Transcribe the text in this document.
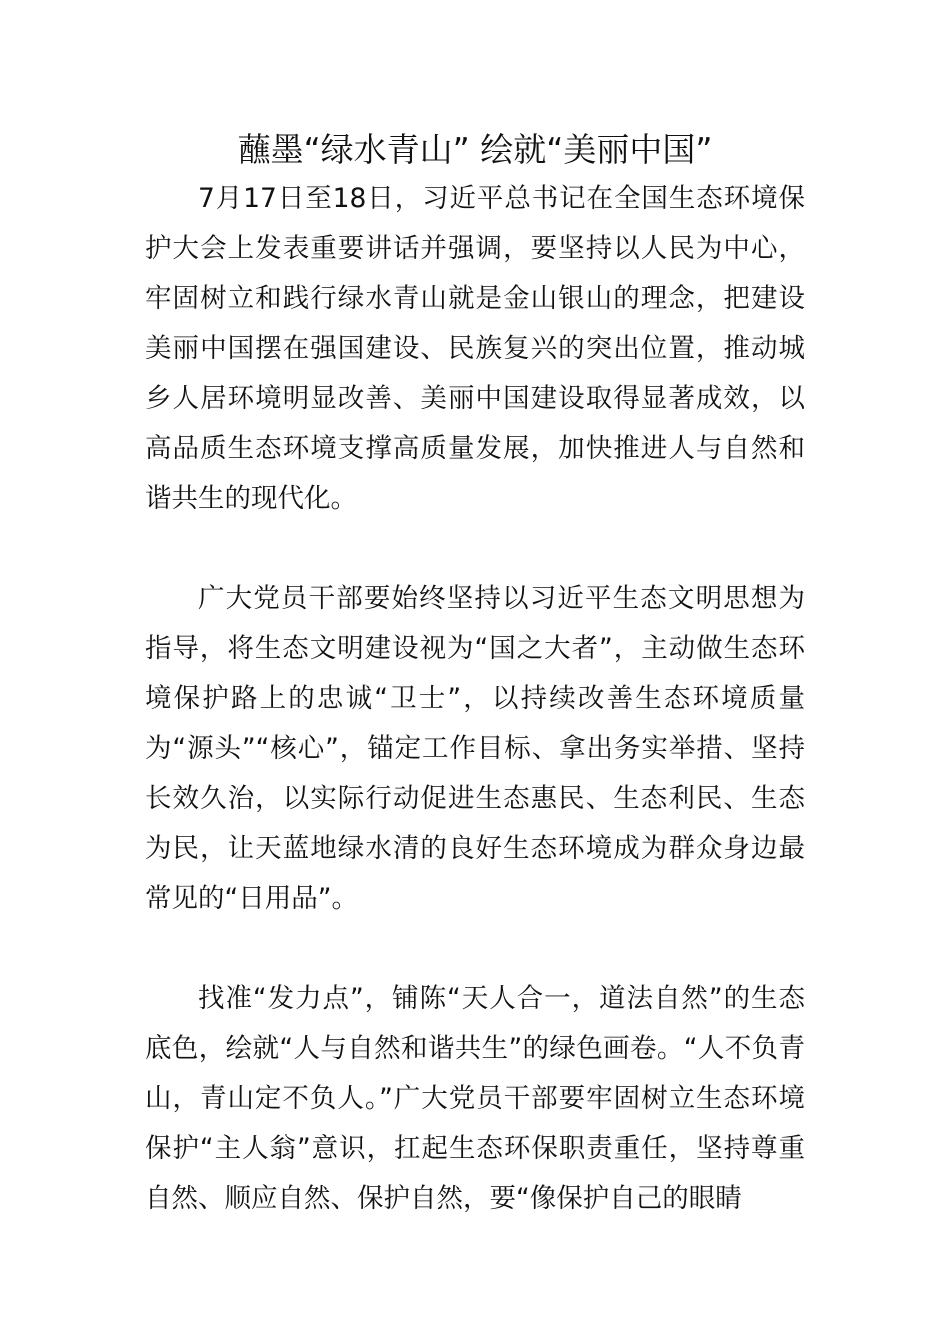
蘸墨“绿水青山” 绘就“美丽中国”

7月17日至18日，习近平总书记在全国生态环境保护大会上发表重要讲话并强调，要坚持以人民为中心，牢固树立和践行绿水青山就是金山银山的理念，把建设美丽中国摆在强国建设、民族复兴的突出位置，推动城乡人居环境明显改善、美丽中国建设取得显著成效，以高品质生态环境支撑高质量发展，加快推进人与自然和谐共生的现代化。

广大党员干部要始终坚持以习近平生态文明思想为指导，将生态文明建设视为“国之大者”，主动做生态环境保护路上的忠诚“卫士”，以持续改善生态环境质量为“源头”“核心”，锚定工作目标、拿出务实举措、坚持长效久治，以实际行动促进生态惠民、生态利民、生态为民，让天蓝地绿水清的良好生态环境成为群众身边最常见的“日用品”。

找准“发力点”，铺陈“天人合一，道法自然”的生态底色，绘就“人与自然和谐共生”的绿色画卷。“人不负青山，青山定不负人。”广大党员干部要牢固树立生态环境保护“主人翁”意识，扛起生态环保职责重任，坚持尊重自然、顺应自然、保护自然，要“像保护自己的眼睛
